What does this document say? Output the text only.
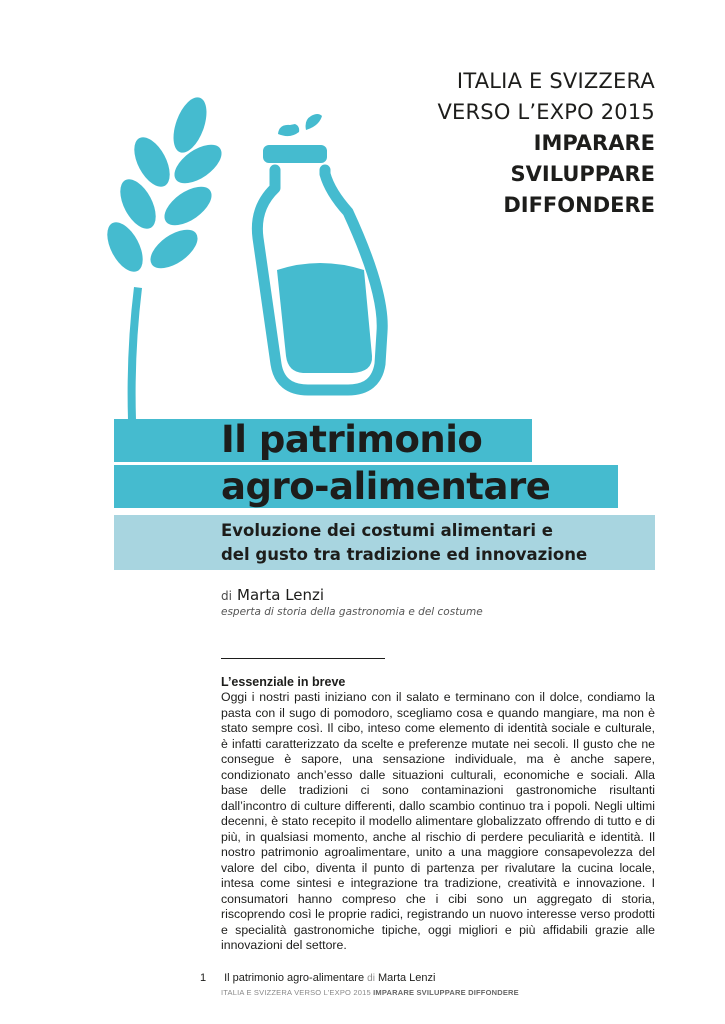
ITALIA E SVIZZERA
VERSO L’EXPO 2015
IMPARARE
SVILUPPARE
DIFFONDERE
Il patrimonio
agro-alimentare
Evoluzione dei costumi alimentari e
del gusto tra tradizione ed innovazione
di Marta Lenzi
esperta di storia della gastronomia e del costume
L’essenziale in breve

Oggi i nostri pasti iniziano con il salato e terminano con il dolce, condiamo la pasta con il sugo di pomodoro, scegliamo cosa e quando mangiare, ma non è stato sempre così. Il cibo, inteso come elemento di identità sociale e culturale, è infatti caratterizzato da scelte e preferenze mutate nei secoli. Il gusto che ne consegue è sapore, una sensazione individuale, ma è anche sapere, condizionato anch’esso dalle situazioni culturali, economiche e sociali. Alla base delle tradizioni ci sono contaminazioni gastronomiche risultanti dall’incontro di culture differenti, dallo scambio continuo tra i popoli. Negli ultimi decenni, è stato recepito il modello alimentare globalizzato offrendo di tutto e di più, in qualsiasi momento, anche al rischio di perdere peculiarità e identità. Il nostro patrimonio agroalimentare, unito a una maggiore consapevolezza del valore del cibo, diventa il punto di partenza per rivalutare la cucina locale, intesa come sintesi e integrazione tra tradizione, creatività e innovazione. I consumatori hanno compreso che i cibi sono un aggregato di storia, riscoprendo così le proprie radici, registrando un nuovo interesse verso prodotti e specialità gastronomiche tipiche, oggi migliori e più affidabili grazie alle innovazioni del settore.

1 Il patrimonio agro-alimentare di Marta Lenzi
ITALIA E SVIZZERA VERSO L’EXPO 2015 IMPARARE SVILUPPARE DIFFONDERE
